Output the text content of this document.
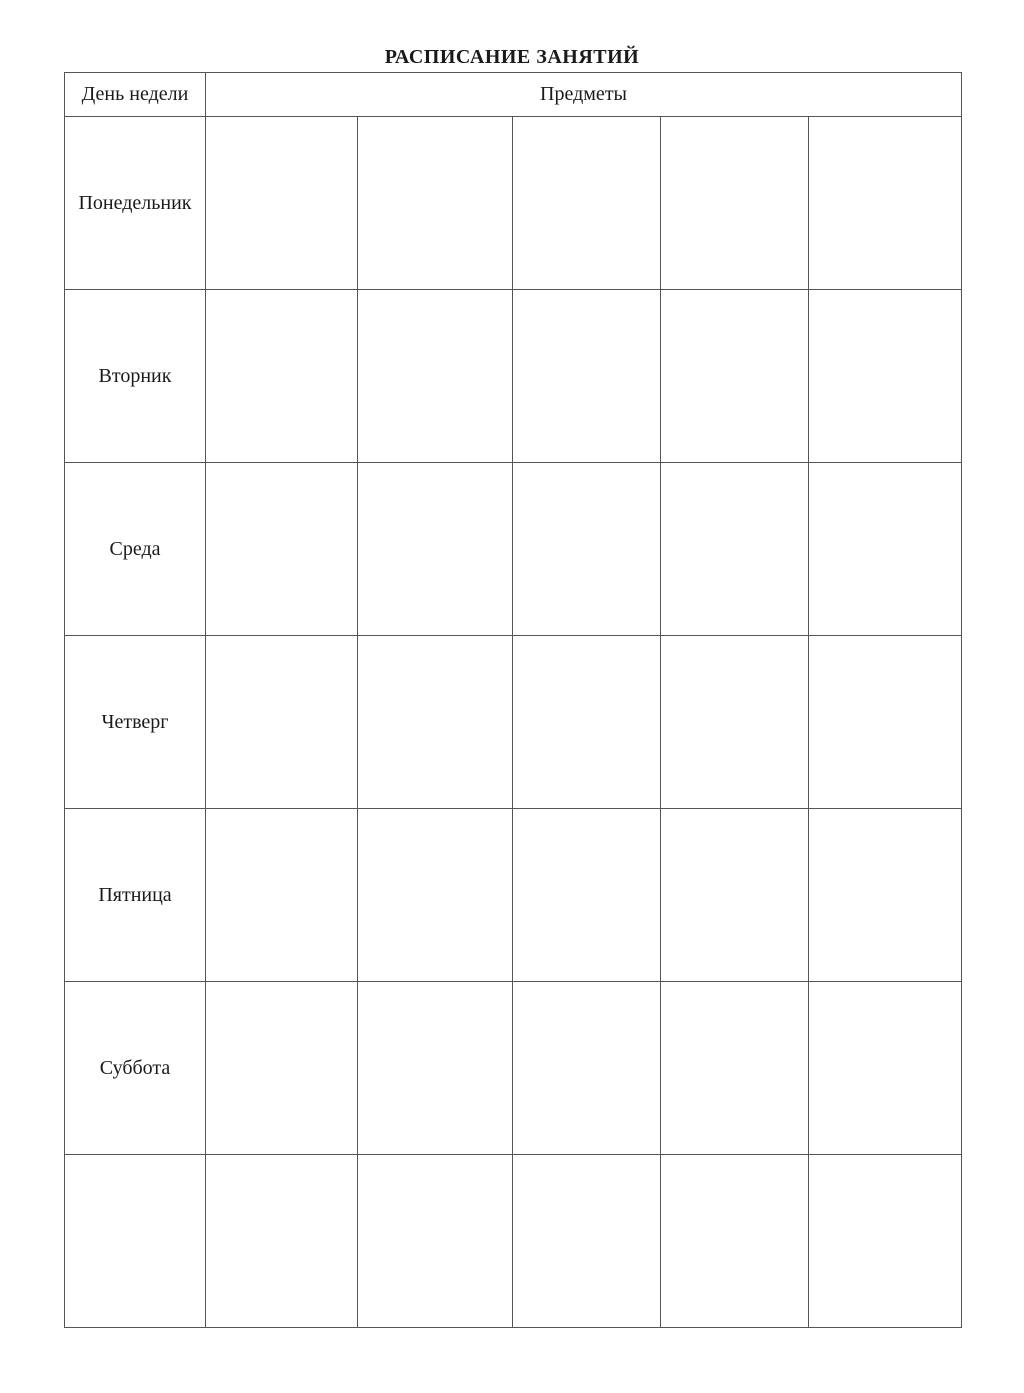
РАСПИСАНИЕ ЗАНЯТИЙ
День недели	Предметы				
Понедельник					
Вторник					
Среда					
Четверг					
Пятница					
Суббота					
